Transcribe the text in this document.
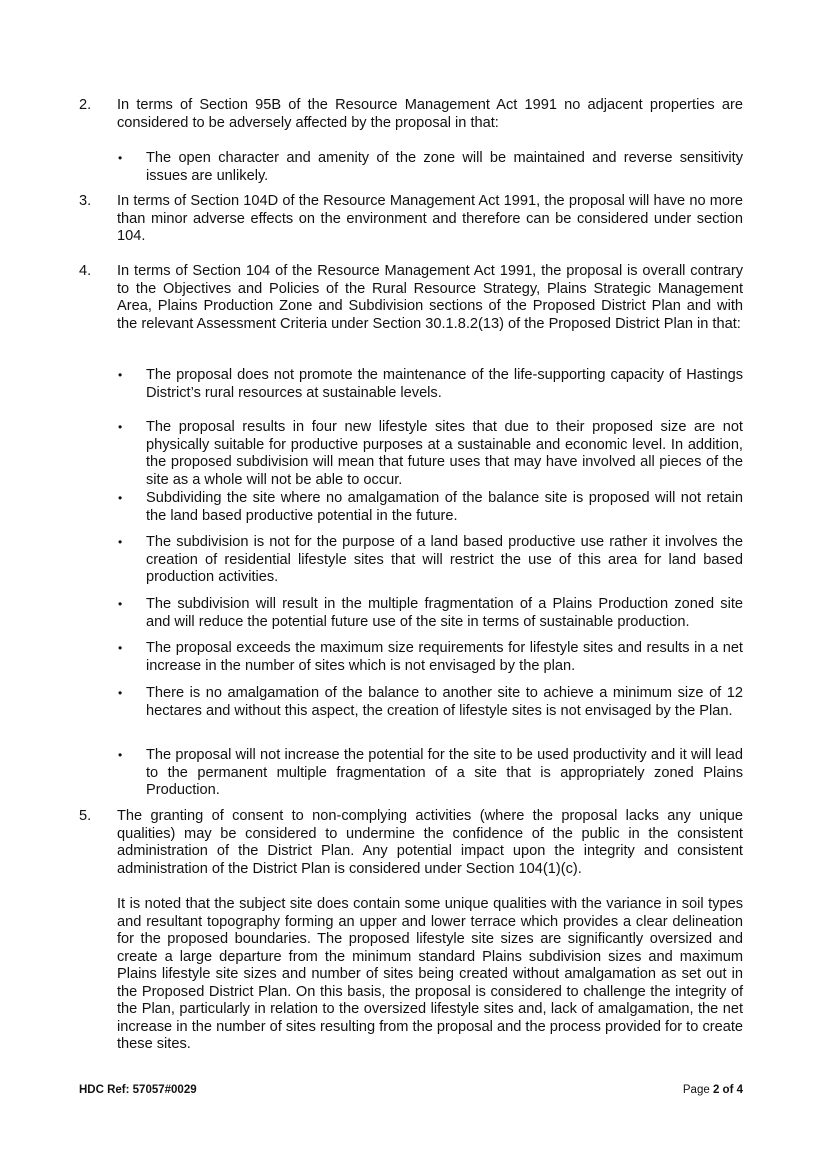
2.	In terms of Section 95B of the Resource Management Act 1991 no adjacent properties are considered to be adversely affected by the proposal in that:
•	The open character and amenity of the zone will be maintained and reverse sensitivity issues are unlikely.
3.	In terms of Section 104D of the Resource Management Act 1991, the proposal will have no more than minor adverse effects on the environment and therefore can be considered under section 104.
4.	In terms of Section 104 of the Resource Management Act 1991, the proposal is overall contrary to the Objectives and Policies of the Rural Resource Strategy, Plains Strategic Management Area, Plains Production Zone and Subdivision sections of the Proposed District Plan and with the relevant Assessment Criteria under Section 30.1.8.2(13) of the Proposed District Plan in that:
•	The proposal does not promote the maintenance of the life-supporting capacity of Hastings District’s rural resources at sustainable levels.
•	The proposal results in four new lifestyle sites that due to their proposed size are not physically suitable for productive purposes at a sustainable and economic level. In addition, the proposed subdivision will mean that future uses that may have involved all pieces of the site as a whole will not be able to occur.
•	Subdividing the site where no amalgamation of the balance site is proposed will not retain the land based productive potential in the future.
•	The subdivision is not for the purpose of a land based productive use rather it involves the creation of residential lifestyle sites that will restrict the use of this area for land based production activities.
•	The subdivision will result in the multiple fragmentation of a Plains Production zoned site and will reduce the potential future use of the site in terms of sustainable production.
•	The proposal exceeds the maximum size requirements for lifestyle sites and results in a net increase in the number of sites which is not envisaged by the plan.
•	There is no amalgamation of the balance to another site to achieve a minimum size of 12 hectares and without this aspect, the creation of lifestyle sites is not envisaged by the Plan.
•	The proposal will not increase the potential for the site to be used productivity and it will lead to the permanent multiple fragmentation of a site that is appropriately zoned Plains Production.
5.	The granting of consent to non-complying activities (where the proposal lacks any unique qualities) may be considered to undermine the confidence of the public in the consistent administration of the District Plan. Any potential impact upon the integrity and consistent administration of the District Plan is considered under Section 104(1)(c).
It is noted that the subject site does contain some unique qualities with the variance in soil types and resultant topography forming an upper and lower terrace which provides a clear delineation for the proposed boundaries. The proposed lifestyle site sizes are significantly oversized and create a large departure from the minimum standard Plains subdivision sizes and maximum Plains lifestyle site sizes and number of sites being created without amalgamation as set out in the Proposed District Plan. On this basis, the proposal is considered to challenge the integrity of the Plan, particularly in relation to the oversized lifestyle sites and, lack of amalgamation, the net increase in the number of sites resulting from the proposal and the process provided for to create these sites.
HDC Ref: 57057#0029	Page 2 of 4
